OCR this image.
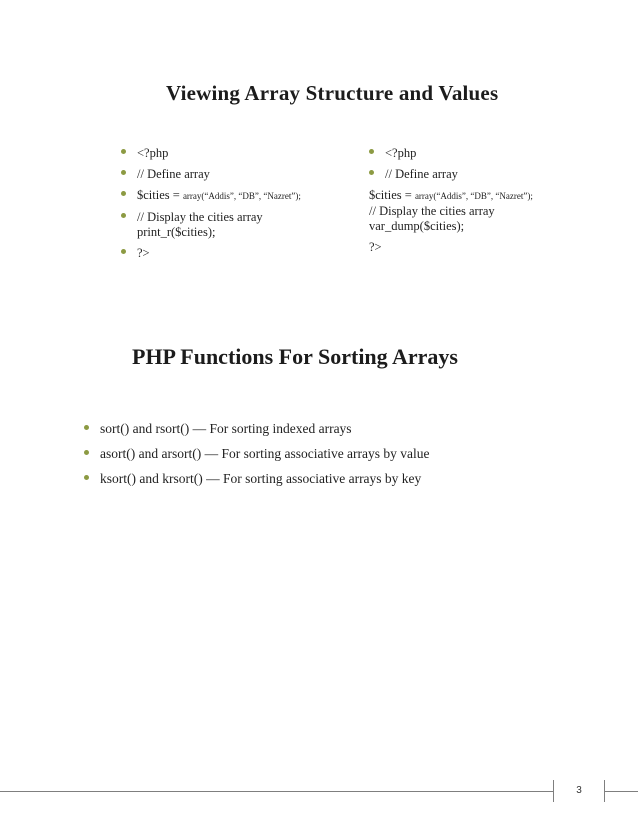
Viewing Array Structure and Values
<?php
// Define array
$cities = array(“Addis”, “DB”, “Nazret”);
// Display the cities array
print_r($cities);
?>
<?php
// Define array
$cities = array(“Addis”, “DB”, “Nazret”);
// Display the cities array
var_dump($cities);
?>
PHP Functions For Sorting Arrays
sort() and rsort() — For sorting indexed arrays
asort() and arsort() — For sorting associative arrays by value
ksort() and krsort() — For sorting associative arrays by key
3
